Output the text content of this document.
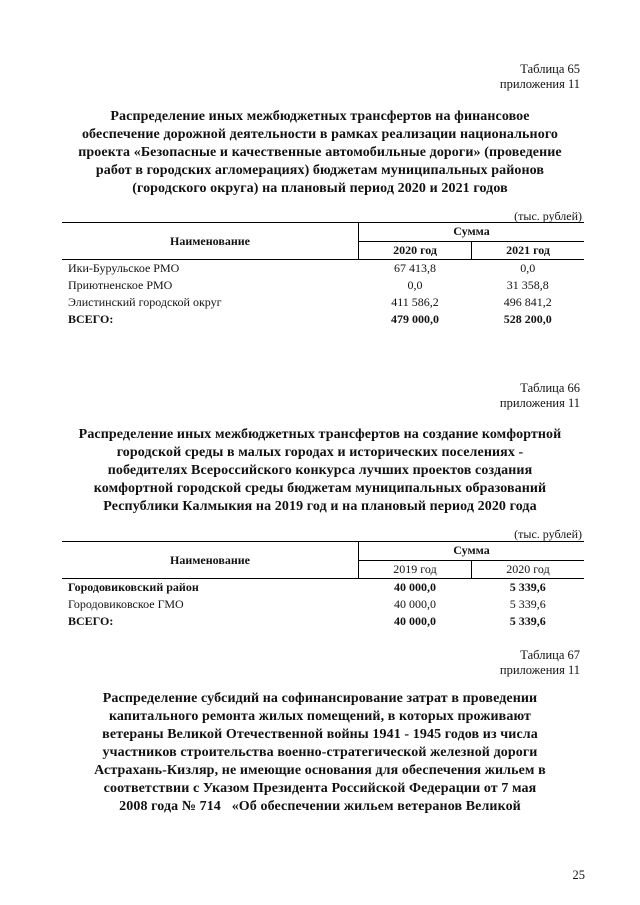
Таблица 65
приложения 11
Распределение иных межбюджетных трансфертов на финансовое
обеспечение дорожной деятельности в рамках реализации национального
проекта «Безопасные и качественные автомобильные дороги» (проведение
работ в городских агломерациях) бюджетам муниципальных районов
(городского округа) на плановый период 2020 и 2021 годов
(тыс. рублей)
Наименование	Сумма	
	2020 год	2021 год
Ики-Бурульское РМО	67 413,8	0,0
Приютненское РМО	0,0	31 358,8
Элистинский городской округ	411 586,2	496 841,2
ВСЕГО:	479 000,0	528 200,0
Таблица 66
приложения 11
Распределение иных межбюджетных трансфертов на создание комфортной
городской среды в малых городах и исторических поселениях -
победителях Всероссийского конкурса лучших проектов создания
комфортной городской среды бюджетам муниципальных образований
Республики Калмыкия на 2019 год и на плановый период 2020 года
(тыс. рублей)
Наименование	Сумма	
	2019 год	2020 год
Городовиковский район	40 000,0	5 339,6
Городовиковское ГМО	40 000,0	5 339,6
ВСЕГО:	40 000,0	5 339,6
Таблица 67
приложения 11
Распределение субсидий на софинансирование затрат в проведении
капитального ремонта жилых помещений, в которых проживают
ветераны Великой Отечественной войны 1941 - 1945 годов из числа
участников строительства военно-стратегической железной дороги
Астрахань-Кизляр, не имеющие основания для обеспечения жильем в
соответствии с Указом Президента Российской Федерации от 7 мая
2008 года № 714   «Об обеспечении жильем ветеранов Великой
25
